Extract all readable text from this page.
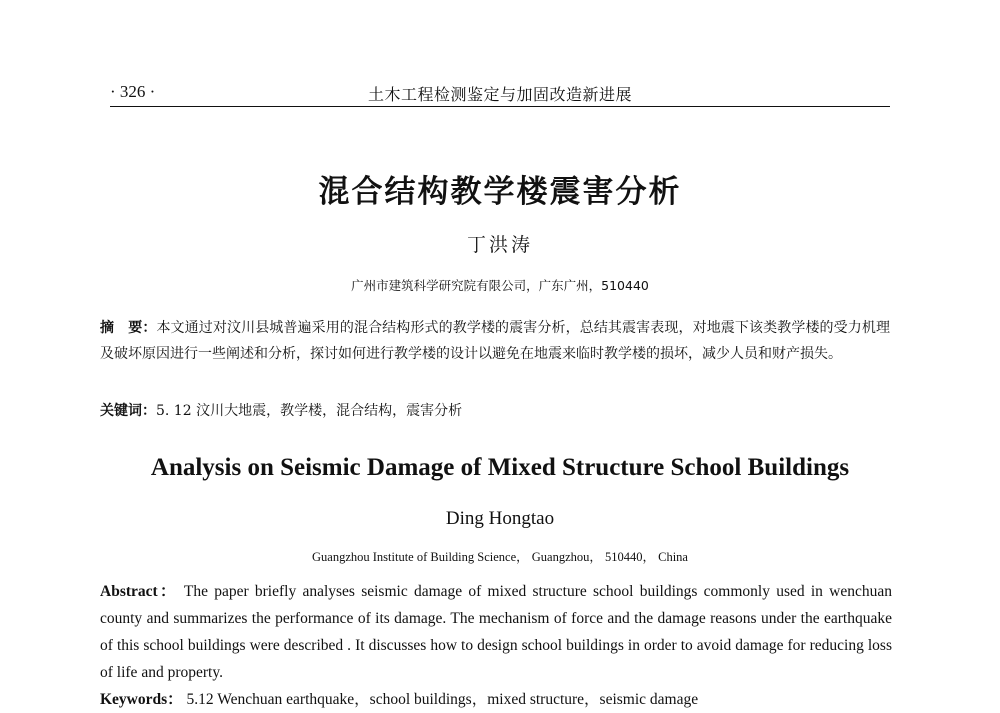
· 326 ·	土木工程检测鉴定与加固改造新进展
混合结构教学楼震害分析
丁洪涛
广州市建筑科学研究院有限公司，广东广州，510440
摘　要：本文通过对汶川县城普遍采用的混合结构形式的教学楼的震害分析，总结其震害表现，对地震下该类教学楼的受力机理及破坏原因进行一些阐述和分析，探讨如何进行教学楼的设计以避免在地震来临时教学楼的损坏，减少人员和财产损失。
关键词：5. 12 汶川大地震，教学楼，混合结构，震害分析
Analysis on Seismic Damage of Mixed Structure School Buildings
Ding Hongtao
Guangzhou Institute of Building Science， Guangzhou， 510440， China
Abstract： The paper briefly analyses seismic damage of mixed structure school buildings commonly used in wenchuan county and summarizes the performance of its damage. The mechanism of force and the damage reasons under the earthquake of this school buildings were described . It discusses how to design school buildings in order to avoid damage for reducing loss of life and property.
Keywords： 5.12 Wenchuan earthquake，school buildings，mixed structure，seismic damage
